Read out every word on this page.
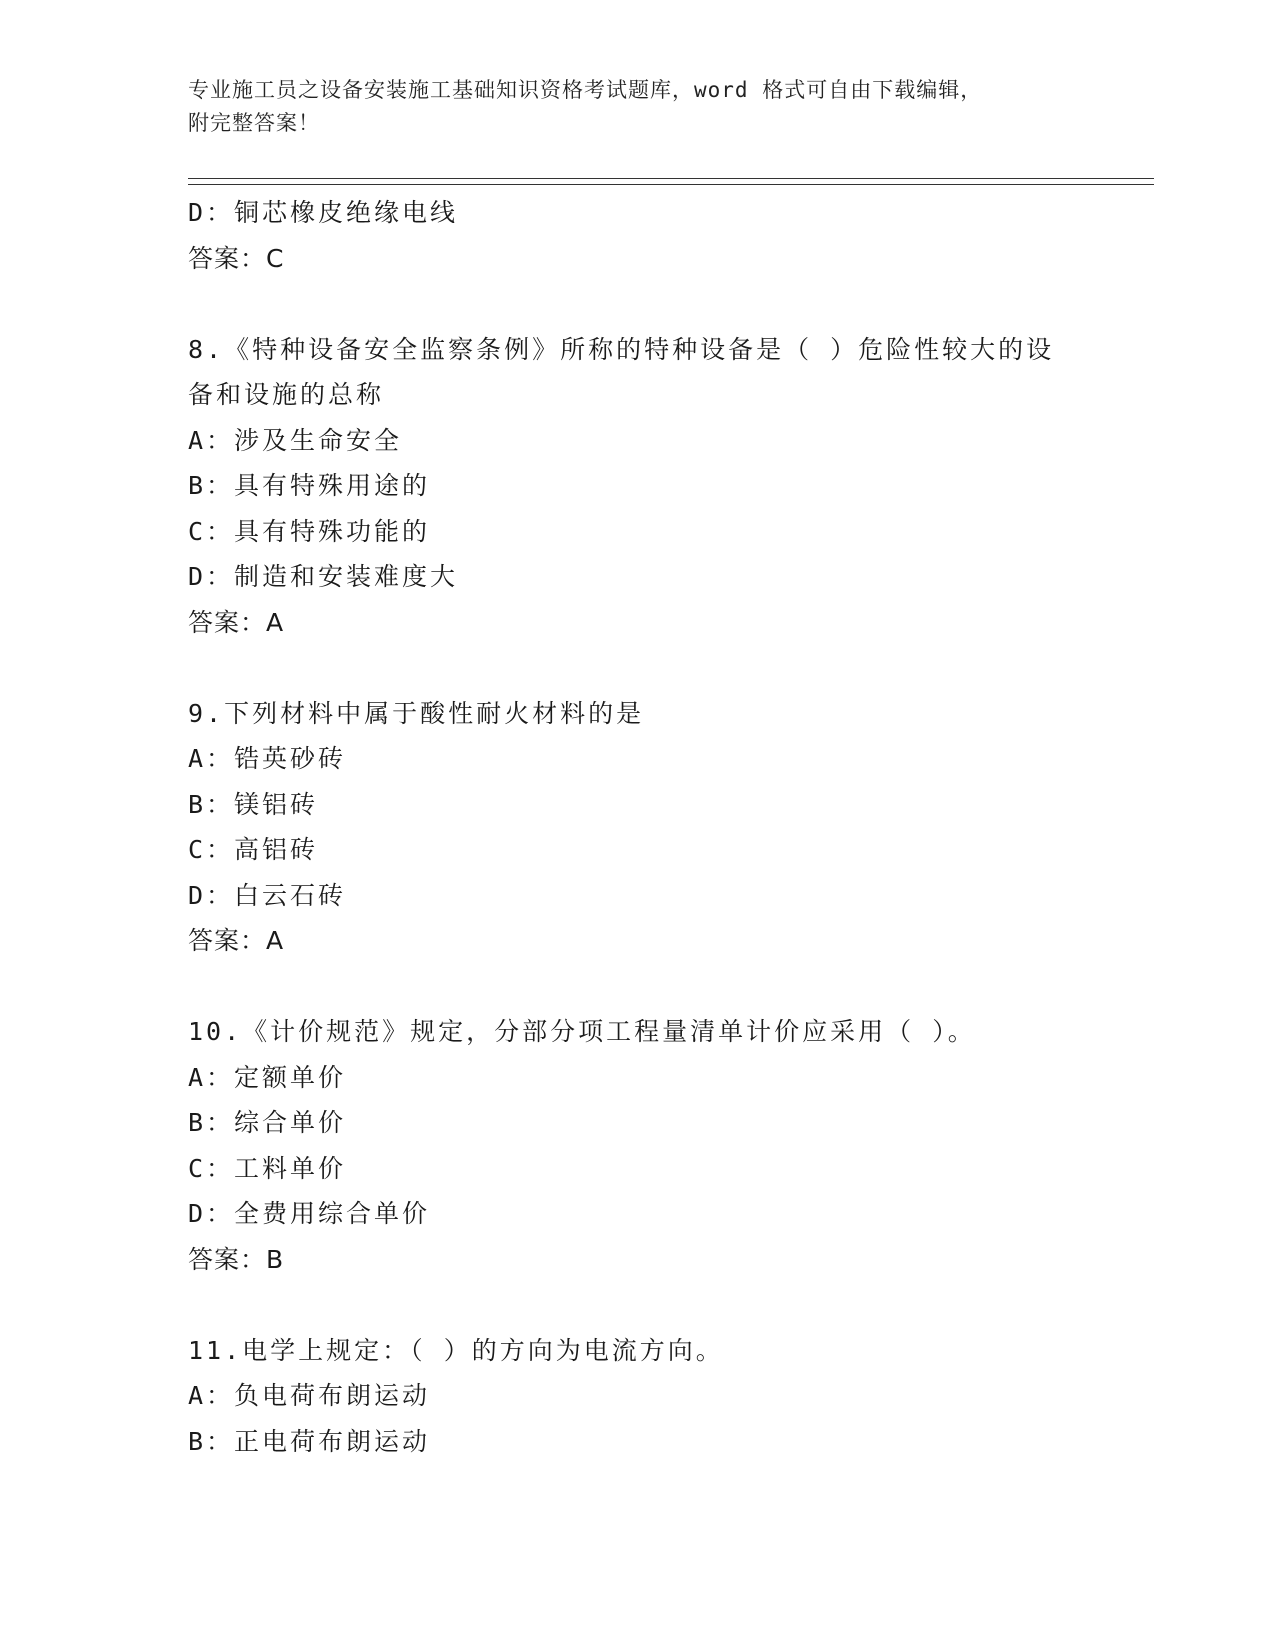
专业施工员之设备安装施工基础知识资格考试题库，word 格式可自由下载编辑，
附完整答案！
D：铜芯橡皮绝缘电线
答案：C
8.《特种设备安全监察条例》所称的特种设备是（ ）危险性较大的设
备和设施的总称
A：涉及生命安全
B：具有特殊用途的
C：具有特殊功能的
D：制造和安装难度大
答案：A
9.下列材料中属于酸性耐火材料的是
A：锆英砂砖
B：镁铝砖
C：高铝砖
D：白云石砖
答案：A
10.《计价规范》规定，分部分项工程量清单计价应采用（ ）。
A：定额单价
B：综合单价
C：工料单价
D：全费用综合单价
答案：B
11.电学上规定：（ ）的方向为电流方向。
A：负电荷布朗运动
B：正电荷布朗运动
